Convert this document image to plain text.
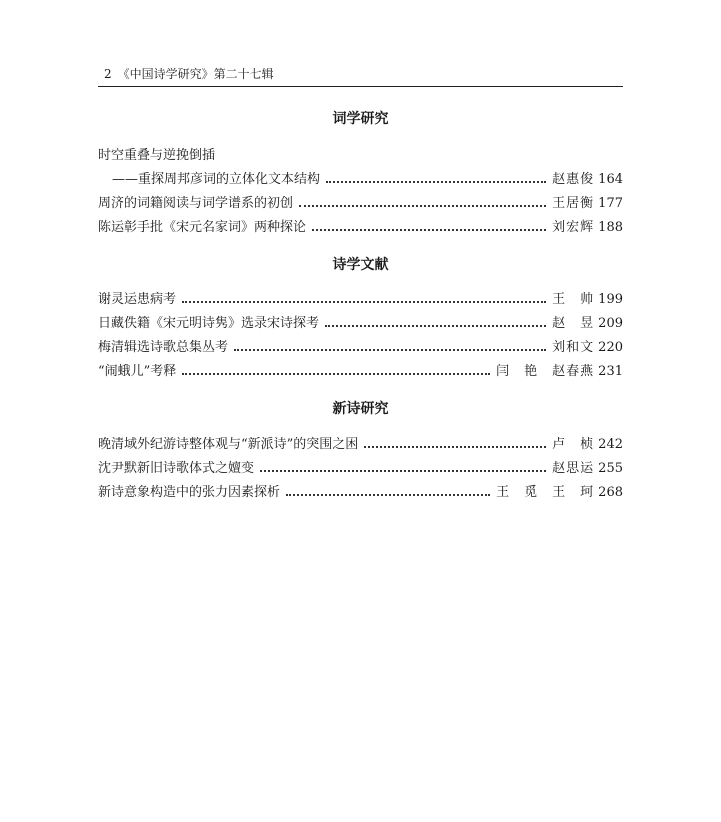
2 《中国诗学研究》第二十七辑
词学研究
时空重叠与逆挽倒插
——重探周邦彦词的立体化文本结构	赵惠俊 164
周济的词籍阅读与词学谱系的初创	王居衡 177
陈运彰手批《宋元名家词》两种探论	刘宏辉 188
诗学文献
谢灵运患病考	王　帅 199
日藏佚籍《宋元明诗隽》选录宋诗探考	赵　昱 209
梅清辑选诗歌总集丛考	刘和文 220
“闹蛾儿”考释	闫　艳　赵春燕 231
新诗研究
晚清域外纪游诗整体观与“新派诗”的突围之困	卢　桢 242
沈尹默新旧诗歌体式之嬗变	赵思运 255
新诗意象构造中的张力因素探析	王　觅　王　珂 268
